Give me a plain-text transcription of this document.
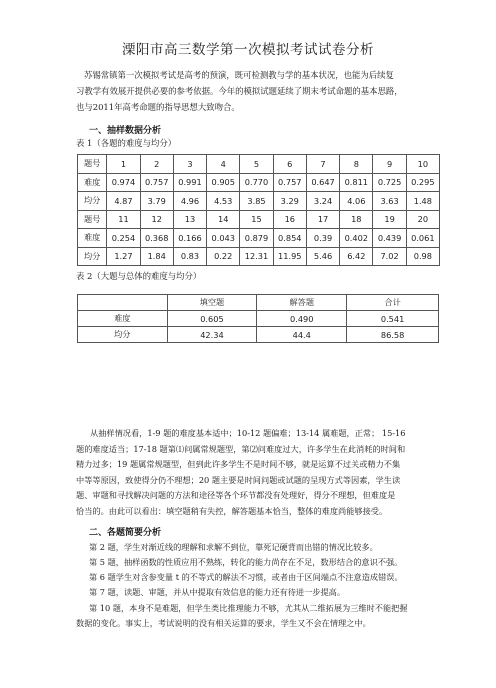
溧阳市高三数学第一次模拟考试试卷分析
苏锡常镇第一次模拟考试是高考的预演，既可检测教与学的基本状况，也能为后续复
习教学有效展开提供必要的参考依据。今年的模拟试题延续了期末考试命题的基本思路，
也与2011年高考命题的指导思想大致吻合。
一、抽样数据分析
表 1（各题的难度与均分）
题号	1	2	3	4	5	6	7	8	9	10
难度	0.974	0.757	0.991	0.905	0.770	0.757	0.647	0.811	0.725	0.295
均分	4.87	3.79	4.96	4.53	3.85	3.29	3.24	4.06	3.63	1.48
题号	11	12	13	14	15	16	17	18	19	20
难度	0.254	0.368	0.166	0.043	0.879	0.854	0.39	0.402	0.439	0.061
均分	1.27	1.84	0.83	0.22	12.31	11.95	5.46	6.42	7.02	0.98
表 2（大题与总体的难度与均分）
	填空题	解答题	合计
难度	0.605	0.490	0.541
均分	42.34	44.4	86.58
从抽样情况看，1-9 题的难度基本适中；10-12 题偏难；13-14 属难题，正常； 15-16
题的难度适当；17-18 题第⑴问属常规题型，第⑵问难度过大，许多学生在此消耗的时间和
精力过多；19 题属常规题型，但到此许多学生不是时间不够，就是运算不过关或精力不集
中等等原因，致使得分仍不理想；20 题主要是时间问题或试题的呈现方式等因素，学生读
题、审题和寻找解决问题的方法和途径等各个环节都没有处理好，得分不理想，但难度是
恰当的。由此可以看出：填空题稍有失控，解答题基本恰当，整体的难度尚能够接受。
二、各题简要分析
第 2 题，学生对渐近线的理解和求解不到位，靠死记硬背而出错的情况比较多。
第 5 题，抽样函数的性质应用不熟练，转化的能力尚存在不足，数形结合的意识不强。
第 6 题学生对含参变量 t 的不等式的解法不习惯，或者由于区间端点不注意造成错误。
第 7 题，读题、审题，并从中提取有效信息的能力还有待进一步提高。
第 10 题，本身不是难题，但学生类比推理能力不够，尤其从二维拓展为三维时不能把握
数据的变化。事实上，考试说明的没有相关运算的要求，学生又不会在情理之中。
